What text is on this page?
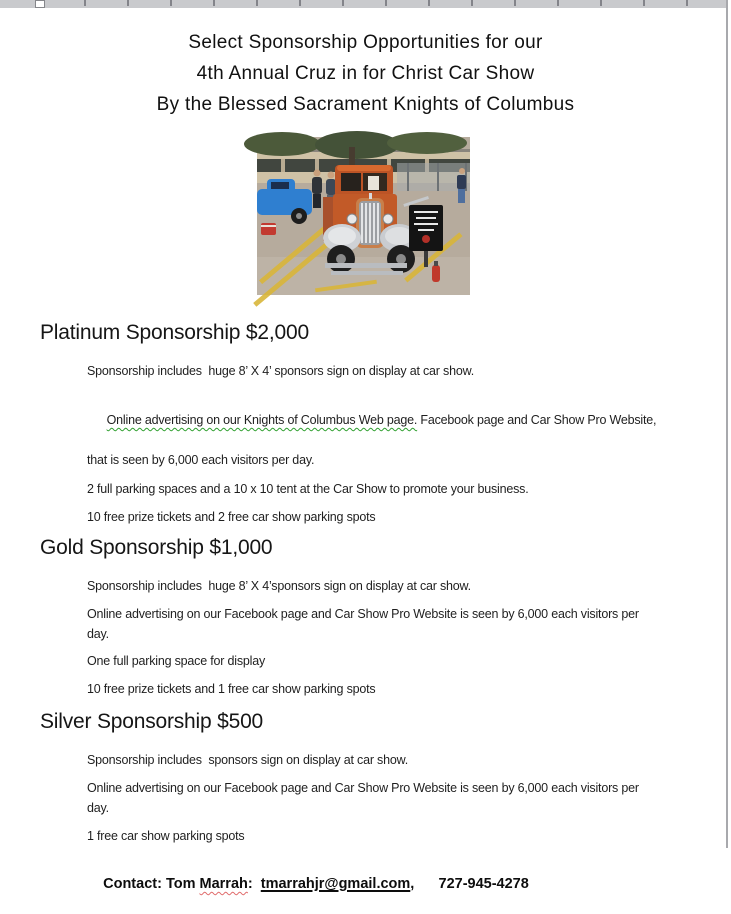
Select Sponsorship Opportunities for our
4th Annual Cruz in for Christ Car Show
By the Blessed Sacrament Knights of Columbus
Platinum Sponsorship $2,000
Sponsorship includes  huge 8’ X 4’ sponsors sign on display at car show.

Online advertising on our Knights of Columbus Web page. Facebook page and Car Show Pro Website,

that is seen by 6,000 each visitors per day.
2 full parking spaces and a 10 x 10 tent at the Car Show to promote your business.
10 free prize tickets and 2 free car show parking spots
Gold Sponsorship $1,000
Sponsorship includes  huge 8’ X 4’sponsors sign on display at car show.
Online advertising on our Facebook page and Car Show Pro Website is seen by 6,000 each visitors per
day.
One full parking space for display
10 free prize tickets and 1 free car show parking spots
Silver Sponsorship $500
Sponsorship includes  sponsors sign on display at car show.
Online advertising on our Facebook page and Car Show Pro Website is seen by 6,000 each visitors per
day.
1 free car show parking spots

Contact: Tom Marrah:  tmarrahjr@gmail.com,      727-945-4278
